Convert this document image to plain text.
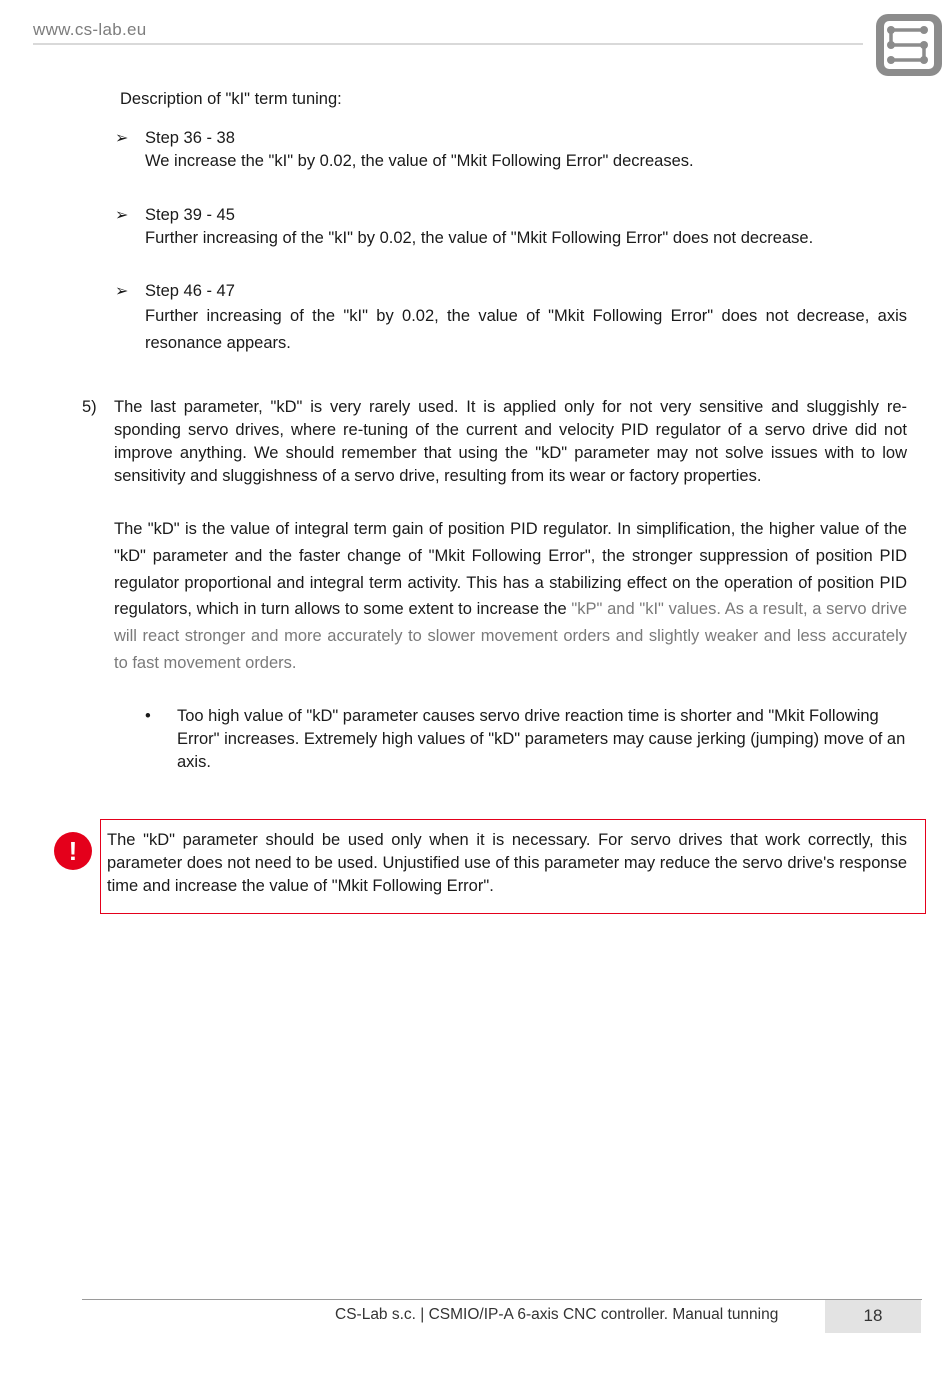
www.cs-lab.eu
Description of "kI" term tuning:
➢ Step 36 - 38
We increase the "kI" by 0.02, the value of "Mkit Following Error" decreases.
➢ Step 39 - 45
Further increasing of the "kI" by 0.02, the value of "Mkit Following Error" does not decrease.
➢ Step 46 - 47
Further increasing of the "kI" by 0.02, the value of "Mkit Following Error" does not decrease, axis resonance appears.
5) The last parameter, "kD" is very rarely used. It is applied only for not very sensitive and sluggishly re-sponding servo drives, where re-tuning of the current and velocity PID regulator of a servo drive did not improve anything. We should remember that using the "kD" parameter may not solve issues with to low sensitivity and sluggishness of a servo drive, resulting from its wear or factory properties.
The "kD" is the value of integral term gain of position PID regulator. In simplification, the higher value of the "kD" parameter and the faster change of "Mkit Following Error", the stronger suppression of position PID regulator proportional and integral term activity. This has a stabilizing effect on the operation of position PID regulators, which in turn allows to some extent to increase the "kP" and "kI" values. As a result, a servo drive will react stronger and more accurately to slower movement orders and slightly weaker and less accurately to fast movement orders.
• Too high value of "kD" parameter causes servo drive reaction time is shorter and "Mkit Following Error" increases. Extremely high values of "kD" parameters may cause jerking (jumping) move of an axis.
!	The "kD" parameter should be used only when it is necessary. For servo drives that work correctly, this parameter does not need to be used. Unjustified use of this parameter may reduce the servo drive's response time and increase the value of "Mkit Following Error".
CS-Lab s.c. | CSMIO/IP-A 6-axis CNC controller. Manual tunning	18
